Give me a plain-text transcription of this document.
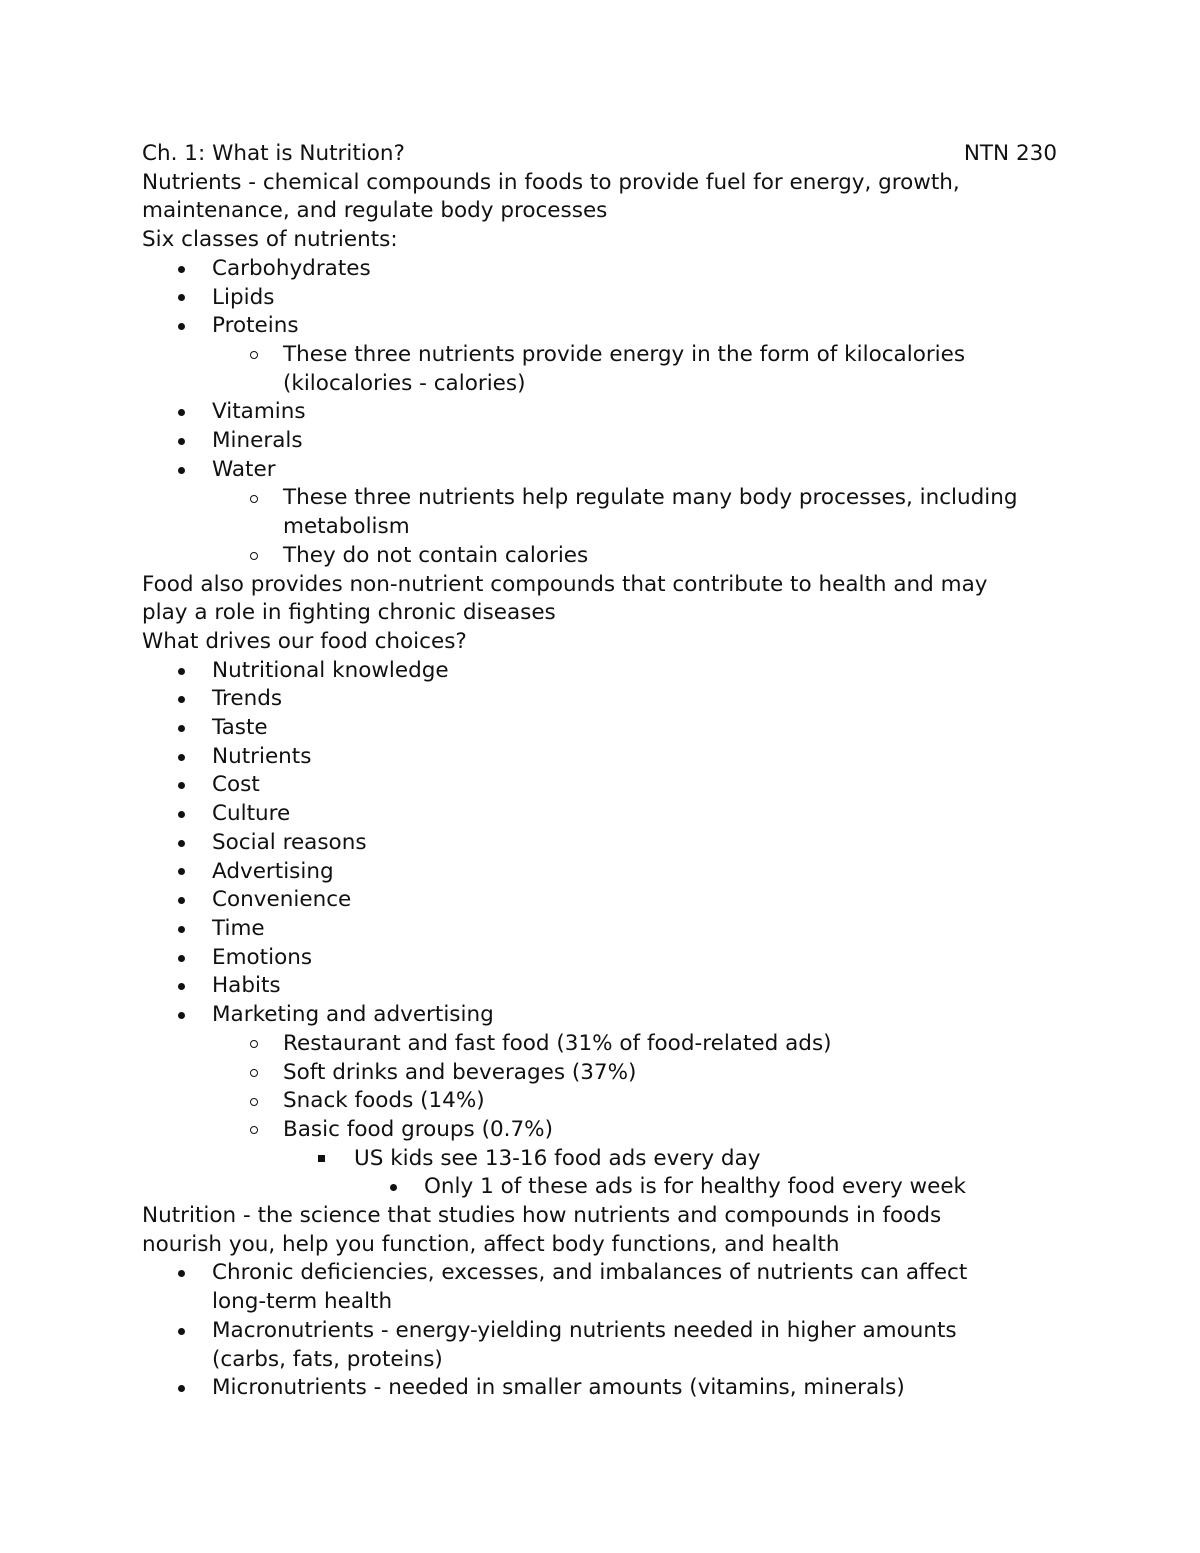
Ch. 1: What is Nutrition?	NTN 230
Nutrients - chemical compounds in foods to provide fuel for energy, growth,
maintenance, and regulate body processes
Six classes of nutrients:
Carbohydrates
Lipids
Proteins
These three nutrients provide energy in the form of kilocalories
(kilocalories - calories)
Vitamins
Minerals
Water
These three nutrients help regulate many body processes, including
metabolism
They do not contain calories
Food also provides non-nutrient compounds that contribute to health and may
play a role in fighting chronic diseases
What drives our food choices?
Nutritional knowledge
Trends
Taste
Nutrients
Cost
Culture
Social reasons
Advertising
Convenience
Time
Emotions
Habits
Marketing and advertising
Restaurant and fast food (31% of food-related ads)
Soft drinks and beverages (37%)
Snack foods (14%)
Basic food groups (0.7%)
US kids see 13-16 food ads every day
Only 1 of these ads is for healthy food every week
Nutrition - the science that studies how nutrients and compounds in foods
nourish you, help you function, affect body functions, and health
Chronic deficiencies, excesses, and imbalances of nutrients can affect
long-term health
Macronutrients - energy-yielding nutrients needed in higher amounts
(carbs, fats, proteins)
Micronutrients - needed in smaller amounts (vitamins, minerals)
